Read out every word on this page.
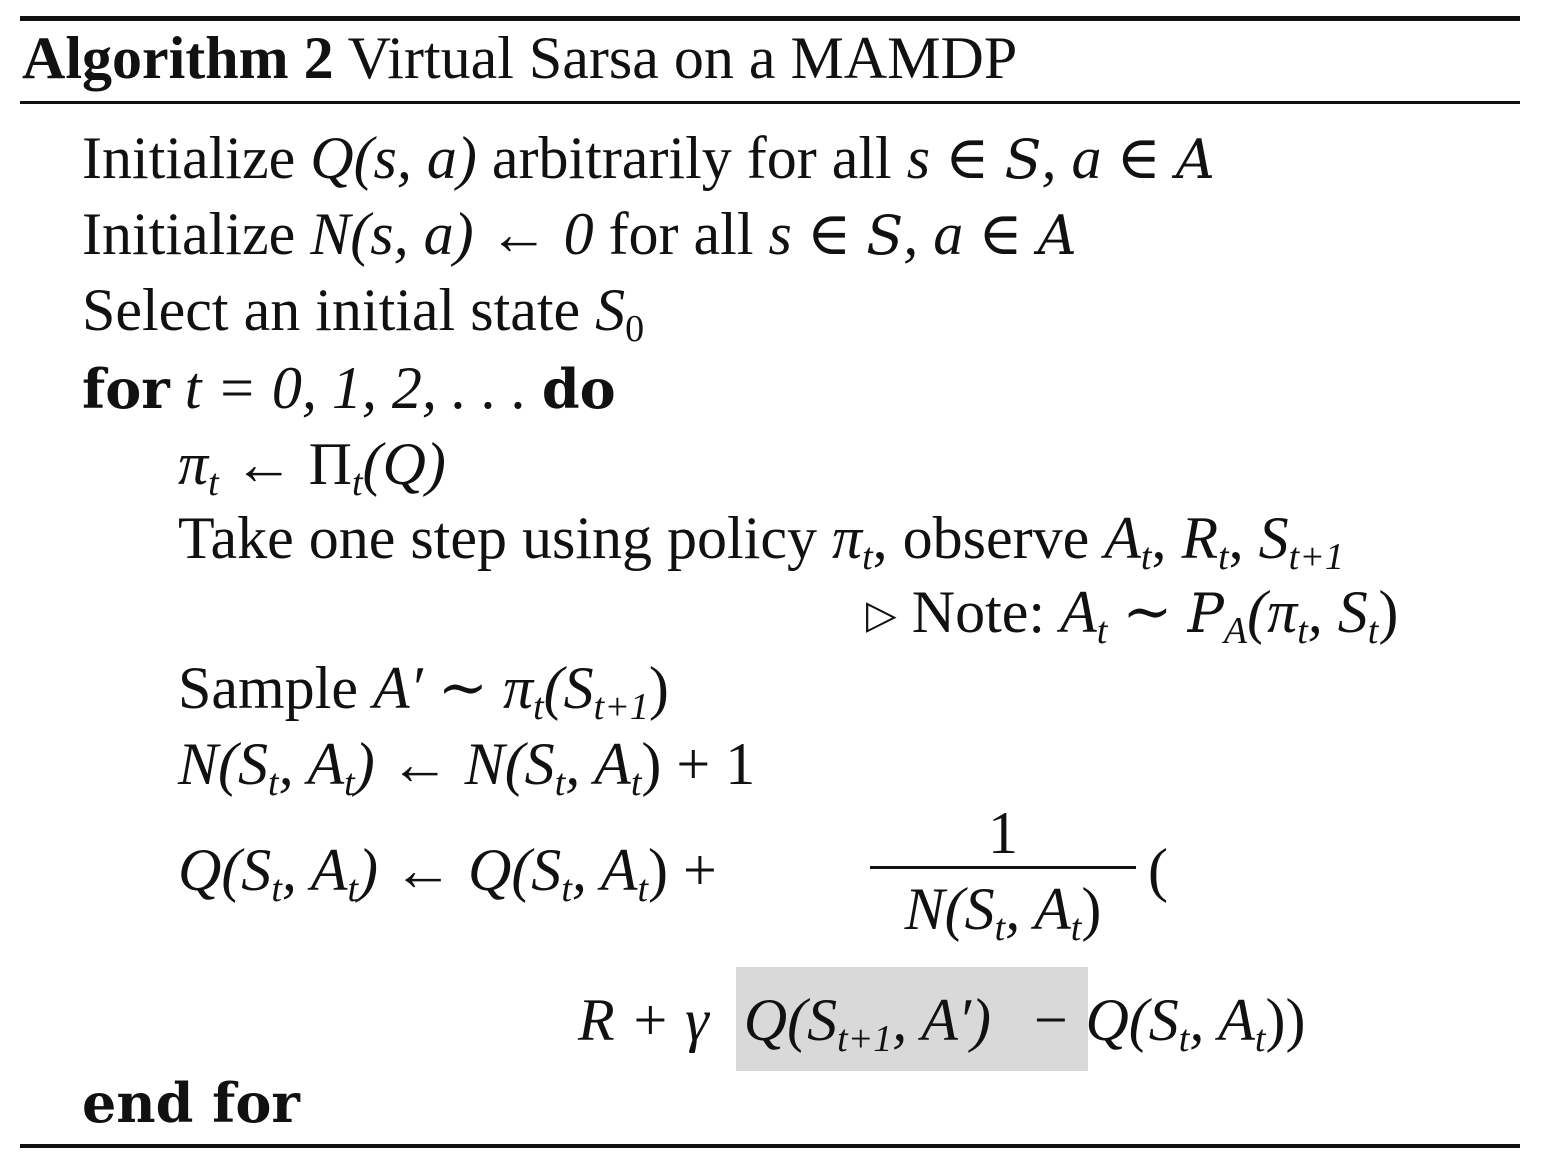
Algorithm 2 Virtual Sarsa on a MAMDP
Initialize Q(s, a) arbitrarily for all s ∈ S, a ∈ A
Initialize N(s, a) ← 0 for all s ∈ S, a ∈ A
Select an initial state $S_0$
for t = 0, 1, 2, . . . do
$\pi_t$ ← $\Pi_t(Q)$
Take one step using policy $\pi_t$, observe $A_t$, $R_t$, $S_{t+1}$
▷ Note: $A_t$ ∼ $P_A(\pi_t$, $S_t$)
Sample A′ ∼ $\pi_t(S_{t+1})$
$N(S_t$, $A_t$) ← $N(S_t$, $A_t) + 1$
$Q(S_t$, $A_t$) ← $Q(S_t$, $A_t$) +
1
$N(S_t$, $A_t$)
(
R + γ $Q(S_{t+1}$, $A') - Q(S_t$, $A_t$))
end for
